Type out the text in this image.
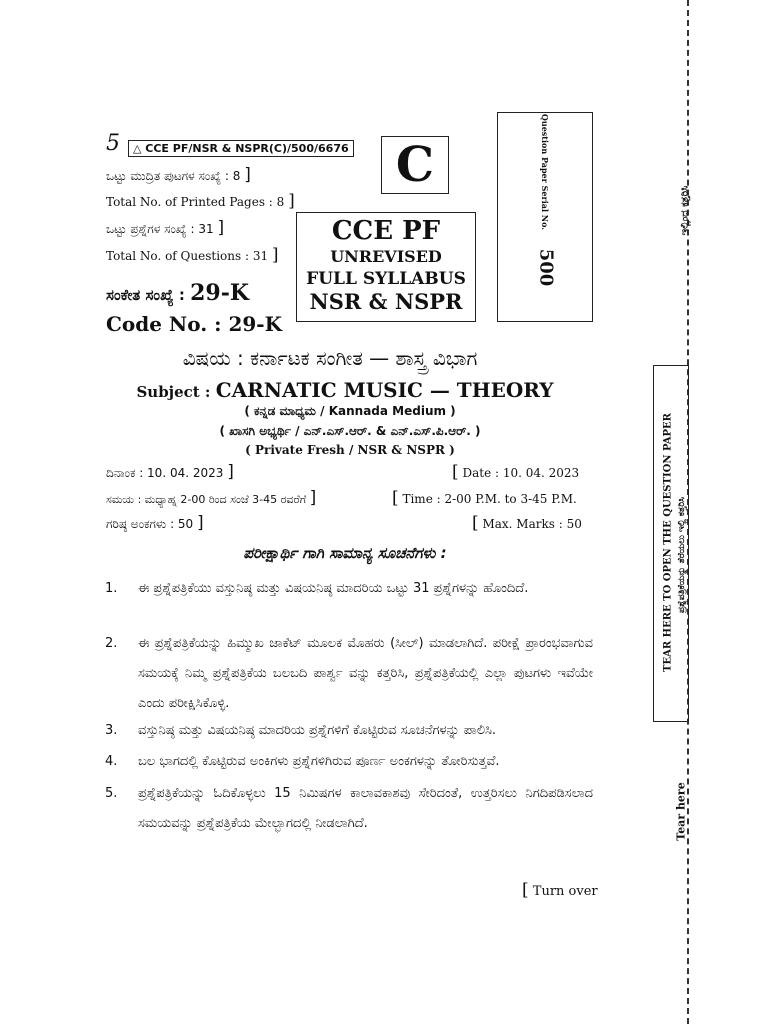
5	△ CCE PF/NSR & NSPR(C)/500/6676
ಒಟ್ಟು ಮುದ್ರಿತ ಪುಟಗಳ ಸಂಖ್ಯೆ : 8 ]
Total No. of Printed Pages : 8 ]
ಒಟ್ಟು ಪ್ರಶ್ನೆಗಳ ಸಂಖ್ಯೆ : 31 ]
Total No. of Questions : 31 ]
ಸಂಕೇತ ಸಂಖ್ಯೆ : 29-K
Code No. : 29-K
C
CCE PF
UNREVISED
FULL SYLLABUS
NSR & NSPR
Question Paper Serial No.
500
ವಿಷಯ : ಕರ್ನಾಟಕ ಸಂಗೀತ — ಶಾಸ್ತ್ರ ವಿಭಾಗ
Subject : CARNATIC MUSIC — THEORY
( ಕನ್ನಡ ಮಾಧ್ಯಮ / Kannada Medium )
( ಖಾಸಗಿ ಅಭ್ಯರ್ಥಿ / ಎನ್.ಎಸ್.ಆರ್. & ಎನ್.ಎಸ್.ಪಿ.ಆರ್. )
( Private Fresh / NSR & NSPR )
ದಿನಾಂಕ : 10. 04. 2023 ]	[ Date : 10. 04. 2023
ಸಮಯ : ಮಧ್ಯಾಹ್ನ 2-00 ರಿಂದ ಸಂಜೆ 3-45 ರವರೆಗೆ ]	[ Time : 2-00 P.M. to 3-45 P.M.
ಗರಿಷ್ಠ ಅಂಕಗಳು : 50 ]	[ Max. Marks : 50
ಪರೀಕ್ಷಾರ್ಥಿ ಗಾಗಿ ಸಾಮಾನ್ಯ ಸೂಚನೆಗಳು :
1.	ಈ ಪ್ರಶ್ನೆಪತ್ರಿಕೆಯು ವಸ್ತುನಿಷ್ಠ ಮತ್ತು ವಿಷಯನಿಷ್ಠ ಮಾದರಿಯ ಒಟ್ಟು 31 ಪ್ರಶ್ನೆಗಳನ್ನು ಹೊಂದಿದೆ.
2.	ಈ ಪ್ರಶ್ನೆಪತ್ರಿಕೆಯನ್ನು ಹಿಮ್ಮುಖ ಜಾಕೆಟ್ ಮೂಲಕ ಮೊಹರು (ಸೀಲ್) ಮಾಡಲಾಗಿದೆ. ಪರೀಕ್ಷೆ ಪ್ರಾರಂಭವಾಗುವ ಸಮಯಕ್ಕೆ ನಿಮ್ಮ ಪ್ರಶ್ನೆಪತ್ರಿಕೆಯ ಬಲಬದಿ ಪಾರ್ಶ್ವ ವನ್ನು ಕತ್ತರಿಸಿ, ಪ್ರಶ್ನೆಪತ್ರಿಕೆಯಲ್ಲಿ ಎಲ್ಲಾ ಪುಟಗಳು ಇವೆಯೇ ಎಂದು ಪರೀಕ್ಷಿಸಿಕೊಳ್ಳಿ.
3.	ವಸ್ತುನಿಷ್ಠ ಮತ್ತು ವಿಷಯನಿಷ್ಠ ಮಾದರಿಯ ಪ್ರಶ್ನೆಗಳಿಗೆ ಕೊಟ್ಟಿರುವ ಸೂಚನೆಗಳನ್ನು ಪಾಲಿಸಿ.
4.	ಬಲ ಭಾಗದಲ್ಲಿ ಕೊಟ್ಟಿರುವ ಅಂಕಿಗಳು ಪ್ರಶ್ನೆಗಳಿಗಿರುವ ಪೂರ್ಣ ಅಂಕಗಳನ್ನು ತೋರಿಸುತ್ತವೆ.
5.	ಪ್ರಶ್ನೆಪತ್ರಿಕೆಯನ್ನು ಓದಿಕೊಳ್ಳಲು 15 ನಿಮಿಷಗಳ ಕಾಲಾವಕಾಶವು ಸೇರಿದಂತೆ, ಉತ್ತರಿಸಲು ನಿಗದಿಪಡಿಸಲಾದ ಸಮಯವನ್ನು ಪ್ರಶ್ನೆಪತ್ರಿಕೆಯ ಮೇಲ್ಭಾಗದಲ್ಲಿ ನೀಡಲಾಗಿದೆ.
[ Turn over
ಇಲ್ಲಿಂದ ಕತ್ತರಿಸಿ
TEAR HERE TO OPEN THE QUESTION PAPER ಪ್ರಶ್ನೆಪತ್ರಿಕೆಯನ್ನು ತೆರೆಯಲು ಇಲ್ಲಿ ಕತ್ತರಿಸಿ
Tear here
